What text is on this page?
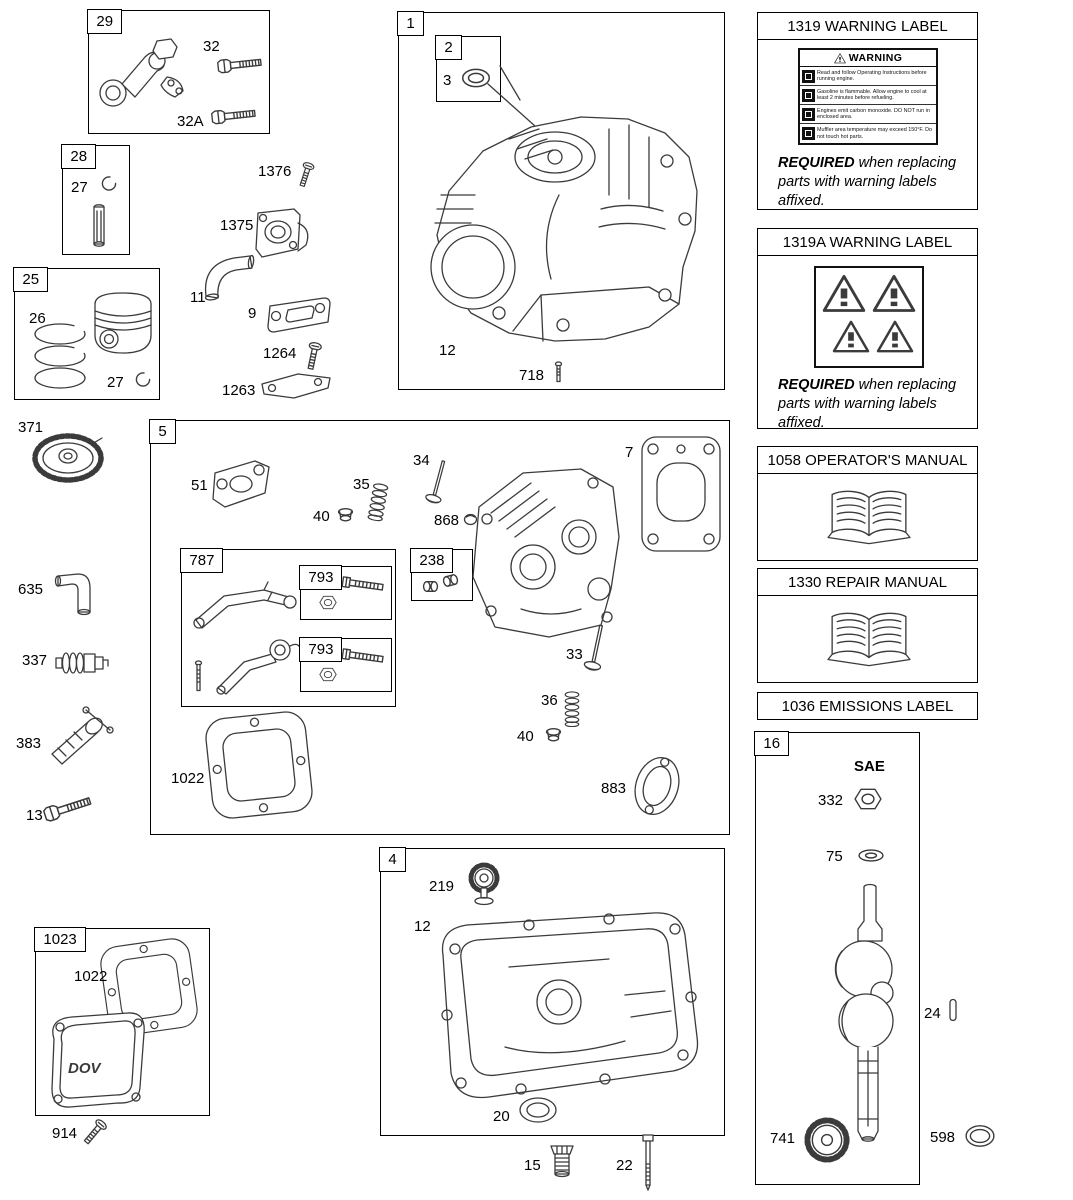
29
32
32A
28
27
25
26
27
1
2
3
12
718
1376
1375
11
9
1264
1263
371
635
337
383
13
5
51
34
35
40	868
7
787
793
793
238
33
36
40
1022
883
4
219
12
20
1023
1022
DOV
914
15	22
1319 WARNING LABEL
WARNING
Read and follow Operating Instructions before running engine.
Gasoline is flammable. Allow engine to cool at least 2 minutes before refueling.
Engines emit carbon monoxide. DO NOT run in enclosed area.
Muffler area temperature may exceed 150°F. Do not touch hot parts.
REQUIRED when replacing parts with warning labels affixed.
1319A WARNING LABEL
REQUIRED when replacing parts with warning labels affixed.
1058 OPERATOR'S MANUAL
1330 REPAIR MANUAL
1036 EMISSIONS LABEL
16
SAE
332
75
741
24
598
